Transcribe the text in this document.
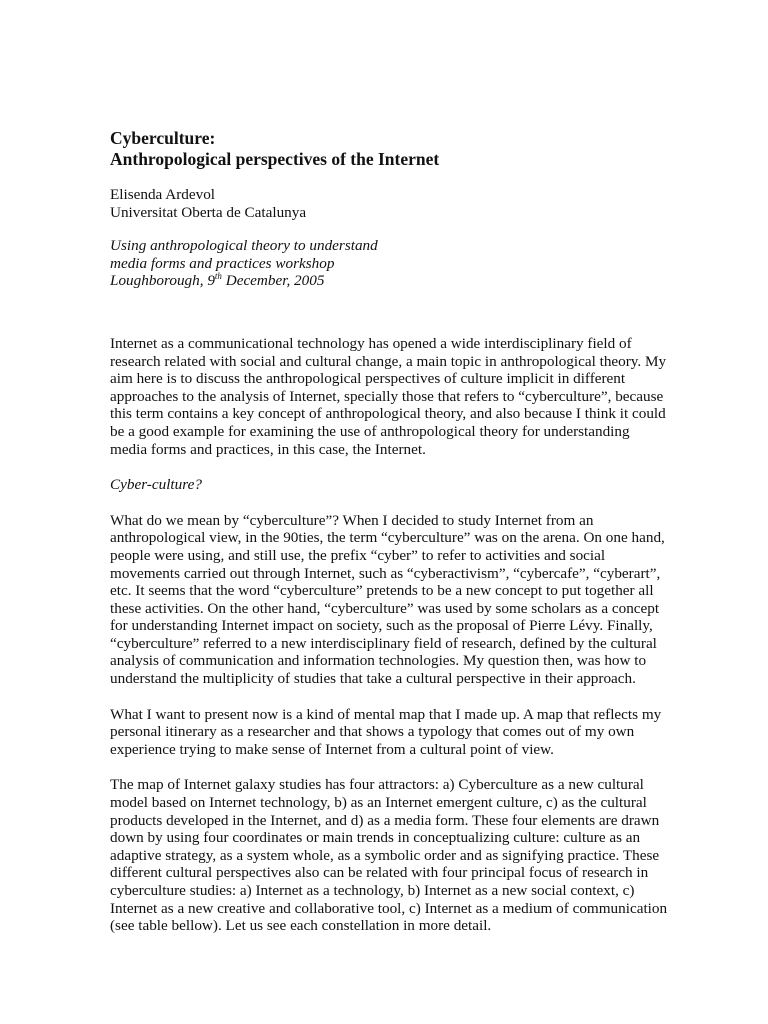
Cyberculture:
Anthropological perspectives of the Internet
Elisenda Ardevol
Universitat Oberta de Catalunya
Using anthropological theory to understand
media forms and practices workshop
Loughborough, 9th December, 2005

Internet as a communicational technology has opened a wide interdisciplinary field of research related with social and cultural change, a main topic in anthropological theory. My aim here is to discuss the anthropological perspectives of culture implicit in different approaches to the analysis of Internet, specially those that refers to “cyberculture”, because this term contains a key concept of anthropological theory, and also because I think it could be a good example for examining the use of anthropological theory for understanding media forms and practices, in this case, the Internet.

Cyber-culture?

What do we mean by “cyberculture”? When I decided to study Internet from an anthropological view, in the 90ties, the term “cyberculture” was on the arena. On one hand, people were using, and still use, the prefix “cyber” to refer to activities and social movements carried out through Internet, such as “cyberactivism”, “cybercafe”, “cyberart”, etc. It seems that the word “cyberculture” pretends to be a new concept to put together all these activities. On the other hand, “cyberculture” was used by some scholars as a concept for understanding Internet impact on society, such as the proposal of Pierre Lévy. Finally, “cyberculture” referred to a new interdisciplinary field of research, defined by the cultural analysis of communication and information technologies. My question then, was how to understand the multiplicity of studies that take a cultural perspective in their approach.

What I want to present now is a kind of mental map that I made up. A map that reflects my personal itinerary as a researcher and that shows a typology that comes out of my own experience trying to make sense of Internet from a cultural point of view.

The map of Internet galaxy studies has four attractors: a) Cyberculture as a new cultural model based on Internet technology, b) as an Internet emergent culture, c) as the cultural products developed in the Internet, and d) as a media form. These four elements are drawn down by using four coordinates or main trends in conceptualizing culture: culture as an adaptive strategy, as a system whole, as a symbolic order and as signifying practice. These different cultural perspectives also can be related with four principal focus of research in cyberculture studies: a) Internet as a technology, b) Internet as a new social context, c) Internet as a new creative and collaborative tool, c) Internet as a medium of communication (see table bellow). Let us see each constellation in more detail.
